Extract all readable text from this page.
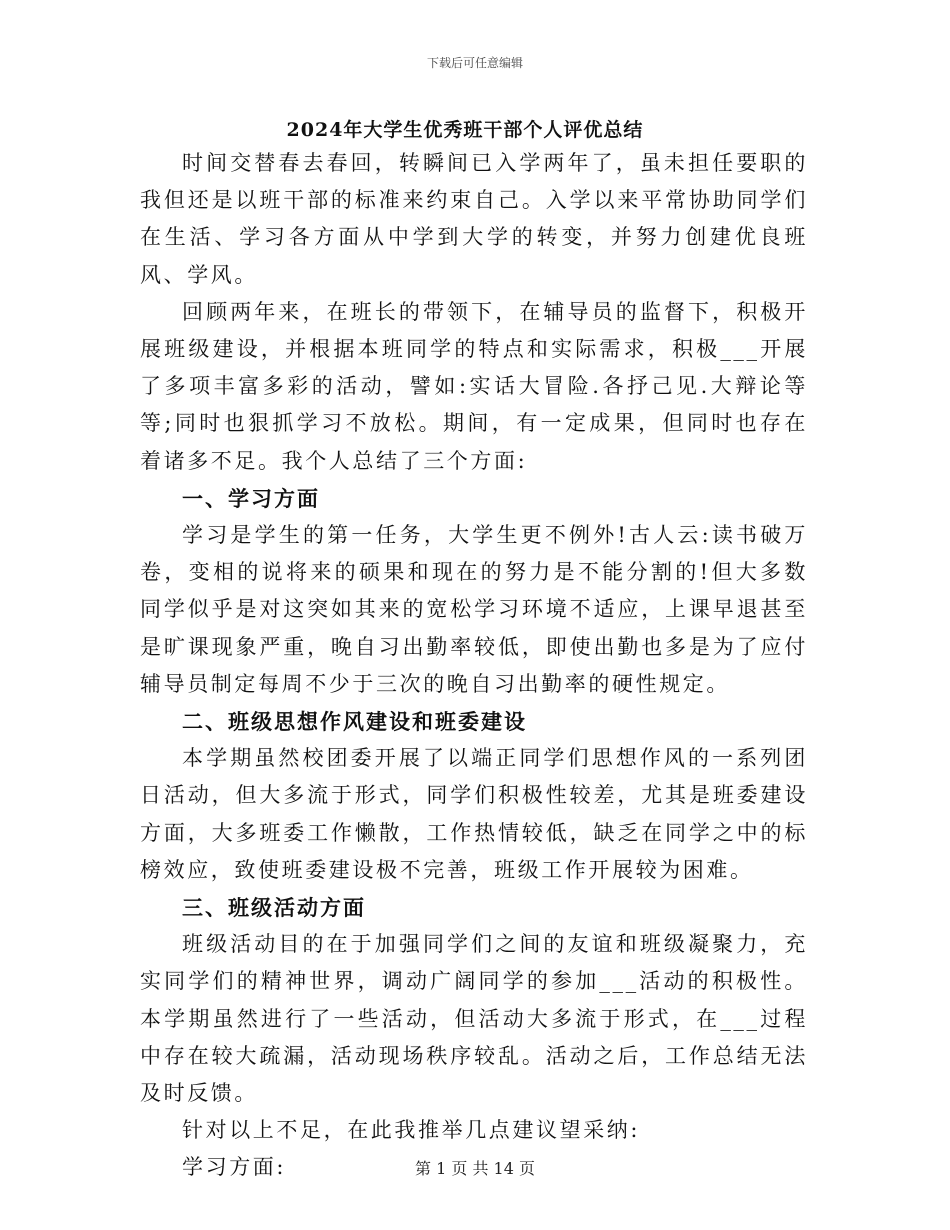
下载后可任意编辑
2024年大学生优秀班干部个人评优总结

时间交替春去春回，转瞬间已入学两年了，虽未担任要职的我但还是以班干部的标准来约束自己。入学以来平常协助同学们在生活、学习各方面从中学到大学的转变，并努力创建优良班风、学风。

回顾两年来，在班长的带领下，在辅导员的监督下，积极开展班级建设，并根据本班同学的特点和实际需求，积极___开展了多项丰富多彩的活动，譬如:实话大冒险.各抒己见.大辩论等等;同时也狠抓学习不放松。期间，有一定成果，但同时也存在着诸多不足。我个人总结了三个方面:

一、学习方面

学习是学生的第一任务，大学生更不例外!古人云:读书破万卷，变相的说将来的硕果和现在的努力是不能分割的!但大多数同学似乎是对这突如其来的宽松学习环境不适应，上课早退甚至是旷课现象严重，晚自习出勤率较低，即使出勤也多是为了应付辅导员制定每周不少于三次的晚自习出勤率的硬性规定。

二、班级思想作风建设和班委建设

本学期虽然校团委开展了以端正同学们思想作风的一系列团日活动，但大多流于形式，同学们积极性较差，尤其是班委建设方面，大多班委工作懒散，工作热情较低，缺乏在同学之中的标榜效应，致使班委建设极不完善，班级工作开展较为困难。

三、班级活动方面

班级活动目的在于加强同学们之间的友谊和班级凝聚力，充实同学们的精神世界，调动广阔同学的参加___活动的积极性。本学期虽然进行了一些活动，但活动大多流于形式，在___过程中存在较大疏漏，活动现场秩序较乱。活动之后，工作总结无法及时反馈。

针对以上不足，在此我推举几点建议望采纳:

学习方面:	第 1 页 共 14 页
